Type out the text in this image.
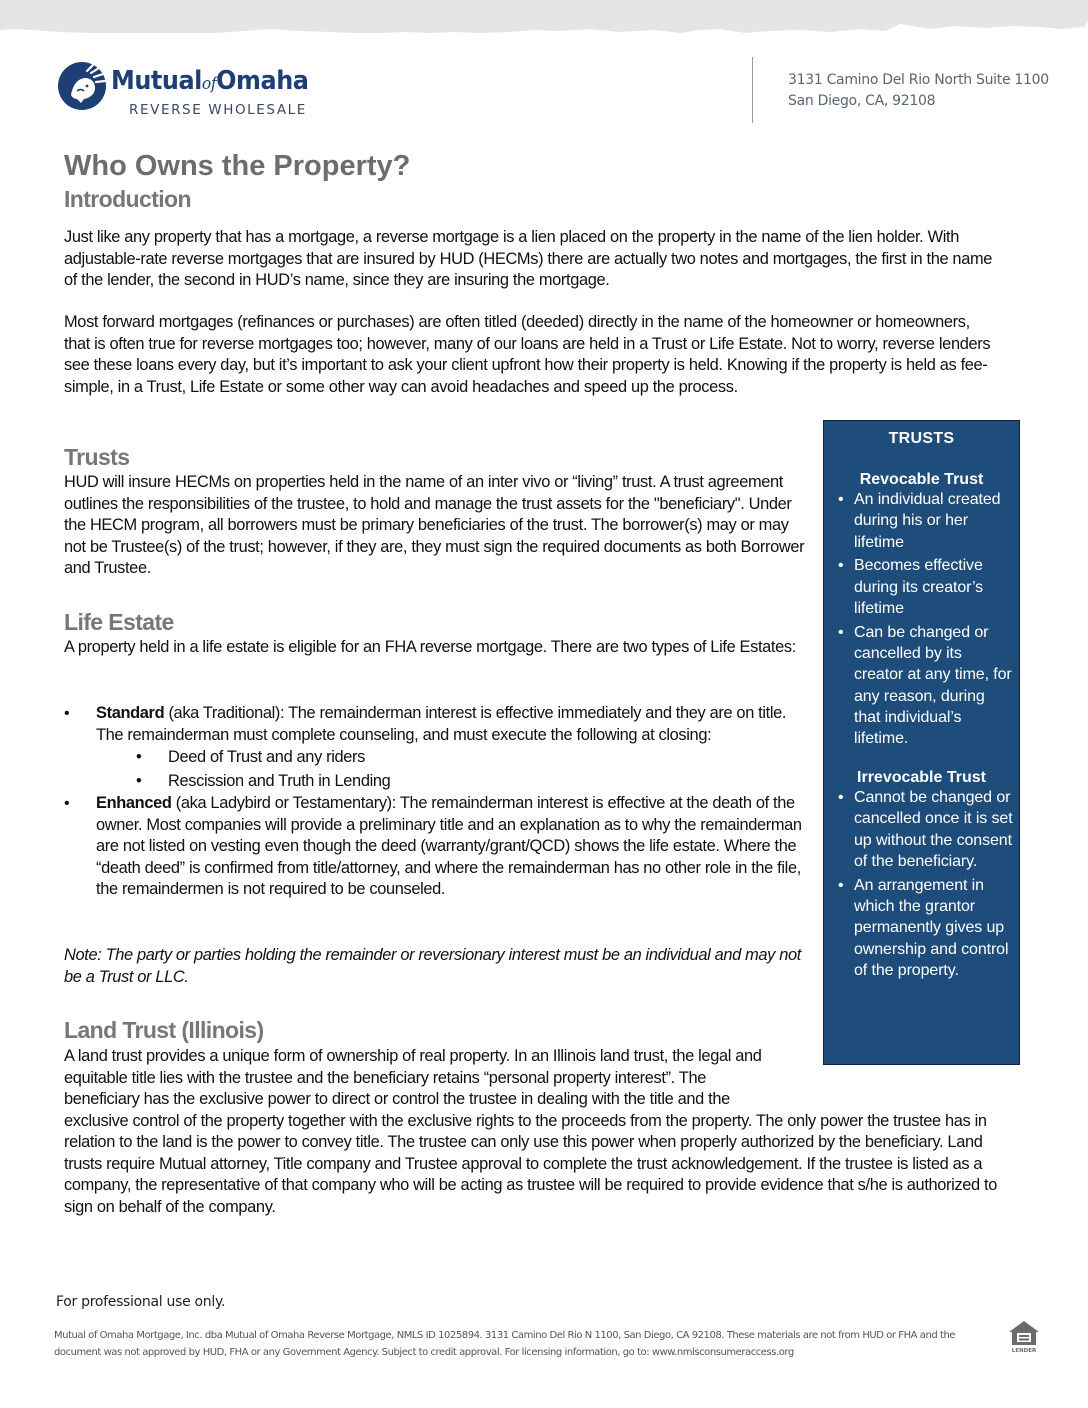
MutualofOmaha
REVERSE WHOLESALE
3131 Camino Del Rio North Suite 1100
San Diego, CA, 92108
Who Owns the Property?
Introduction

Just like any property that has a mortgage, a reverse mortgage is a lien placed on the property in the name of the lien holder. With adjustable-rate reverse mortgages that are insured by HUD (HECMs) there are actually two notes and mortgages, the first in the name of the lender, the second in HUD’s name, since they are insuring the mortgage.

Most forward mortgages (refinances or purchases) are often titled (deeded) directly in the name of the homeowner or homeowners, that is often true for reverse mortgages too; however, many of our loans are held in a Trust or Life Estate. Not to worry, reverse lenders see these loans every day, but it’s important to ask your client upfront how their property is held. Knowing if the property is held as fee-simple, in a Trust, Life Estate or some other way can avoid headaches and speed up the process.

Trusts

HUD will insure HECMs on properties held in the name of an inter vivo or “living” trust. A trust agreement outlines the responsibilities of the trustee, to hold and manage the trust assets for the "beneficiary". Under the HECM program, all borrowers must be primary beneficiaries of the trust. The borrower(s) may or may not be Trustee(s) of the trust; however, if they are, they must sign the required documents as both Borrower and Trustee.

Life Estate

A property held in a life estate is eligible for an FHA reverse mortgage. There are two types of Life Estates:

• Standard (aka Traditional): The remainderman interest is effective immediately and they are on title. The remainderman must complete counseling, and must execute the following at closing:
• Deed of Trust and any riders
• Rescission and Truth in Lending
• Enhanced (aka Ladybird or Testamentary): The remainderman interest is effective at the death of the owner. Most companies will provide a preliminary title and an explanation as to why the remainderman are not listed on vesting even though the deed (warranty/grant/QCD) shows the life estate. Where the “death deed” is confirmed from title/attorney, and where the remainderman has no other role in the file, the remaindermen is not required to be counseled.

Note: The party or parties holding the remainder or reversionary interest must be an individual and may not be a Trust or LLC.

Land Trust (Illinois)

A land trust provides a unique form of ownership of real property. In an Illinois land trust, the legal and equitable title lies with the trustee and the beneficiary retains “personal property interest”. The beneficiary has the exclusive power to direct or control the trustee in dealing with the title and the exclusive control of the property together with the exclusive rights to the proceeds from the property. The only power the trustee has in relation to the land is the power to convey title. The trustee can only use this power when properly authorized by the beneficiary. Land trusts require Mutual attorney, Title company and Trustee approval to complete the trust acknowledgement. If the trustee is listed as a company, the representative of that company who will be acting as trustee will be required to provide evidence that s/he is authorized to sign on behalf of the company.

TRUSTS
Revocable Trust
• An individual created during his or her lifetime
• Becomes effective during its creator’s lifetime
• Can be changed or cancelled by its creator at any time, for any reason, during that individual’s lifetime.
Irrevocable Trust
• Cannot be changed or cancelled once it is set up without the consent of the beneficiary.
• An arrangement in which the grantor permanently gives up ownership and control of the property.
For professional use only.
Mutual of Omaha Mortgage, Inc. dba Mutual of Omaha Reverse Mortgage, NMLS ID 1025894. 3131 Camino Del Rio N 1100, San Diego, CA 92108. These materials are not from HUD or FHA and the document was not approved by HUD, FHA or any Government Agency. Subject to credit approval. For licensing information, go to: www.nmlsconsumeraccess.org	LENDER
